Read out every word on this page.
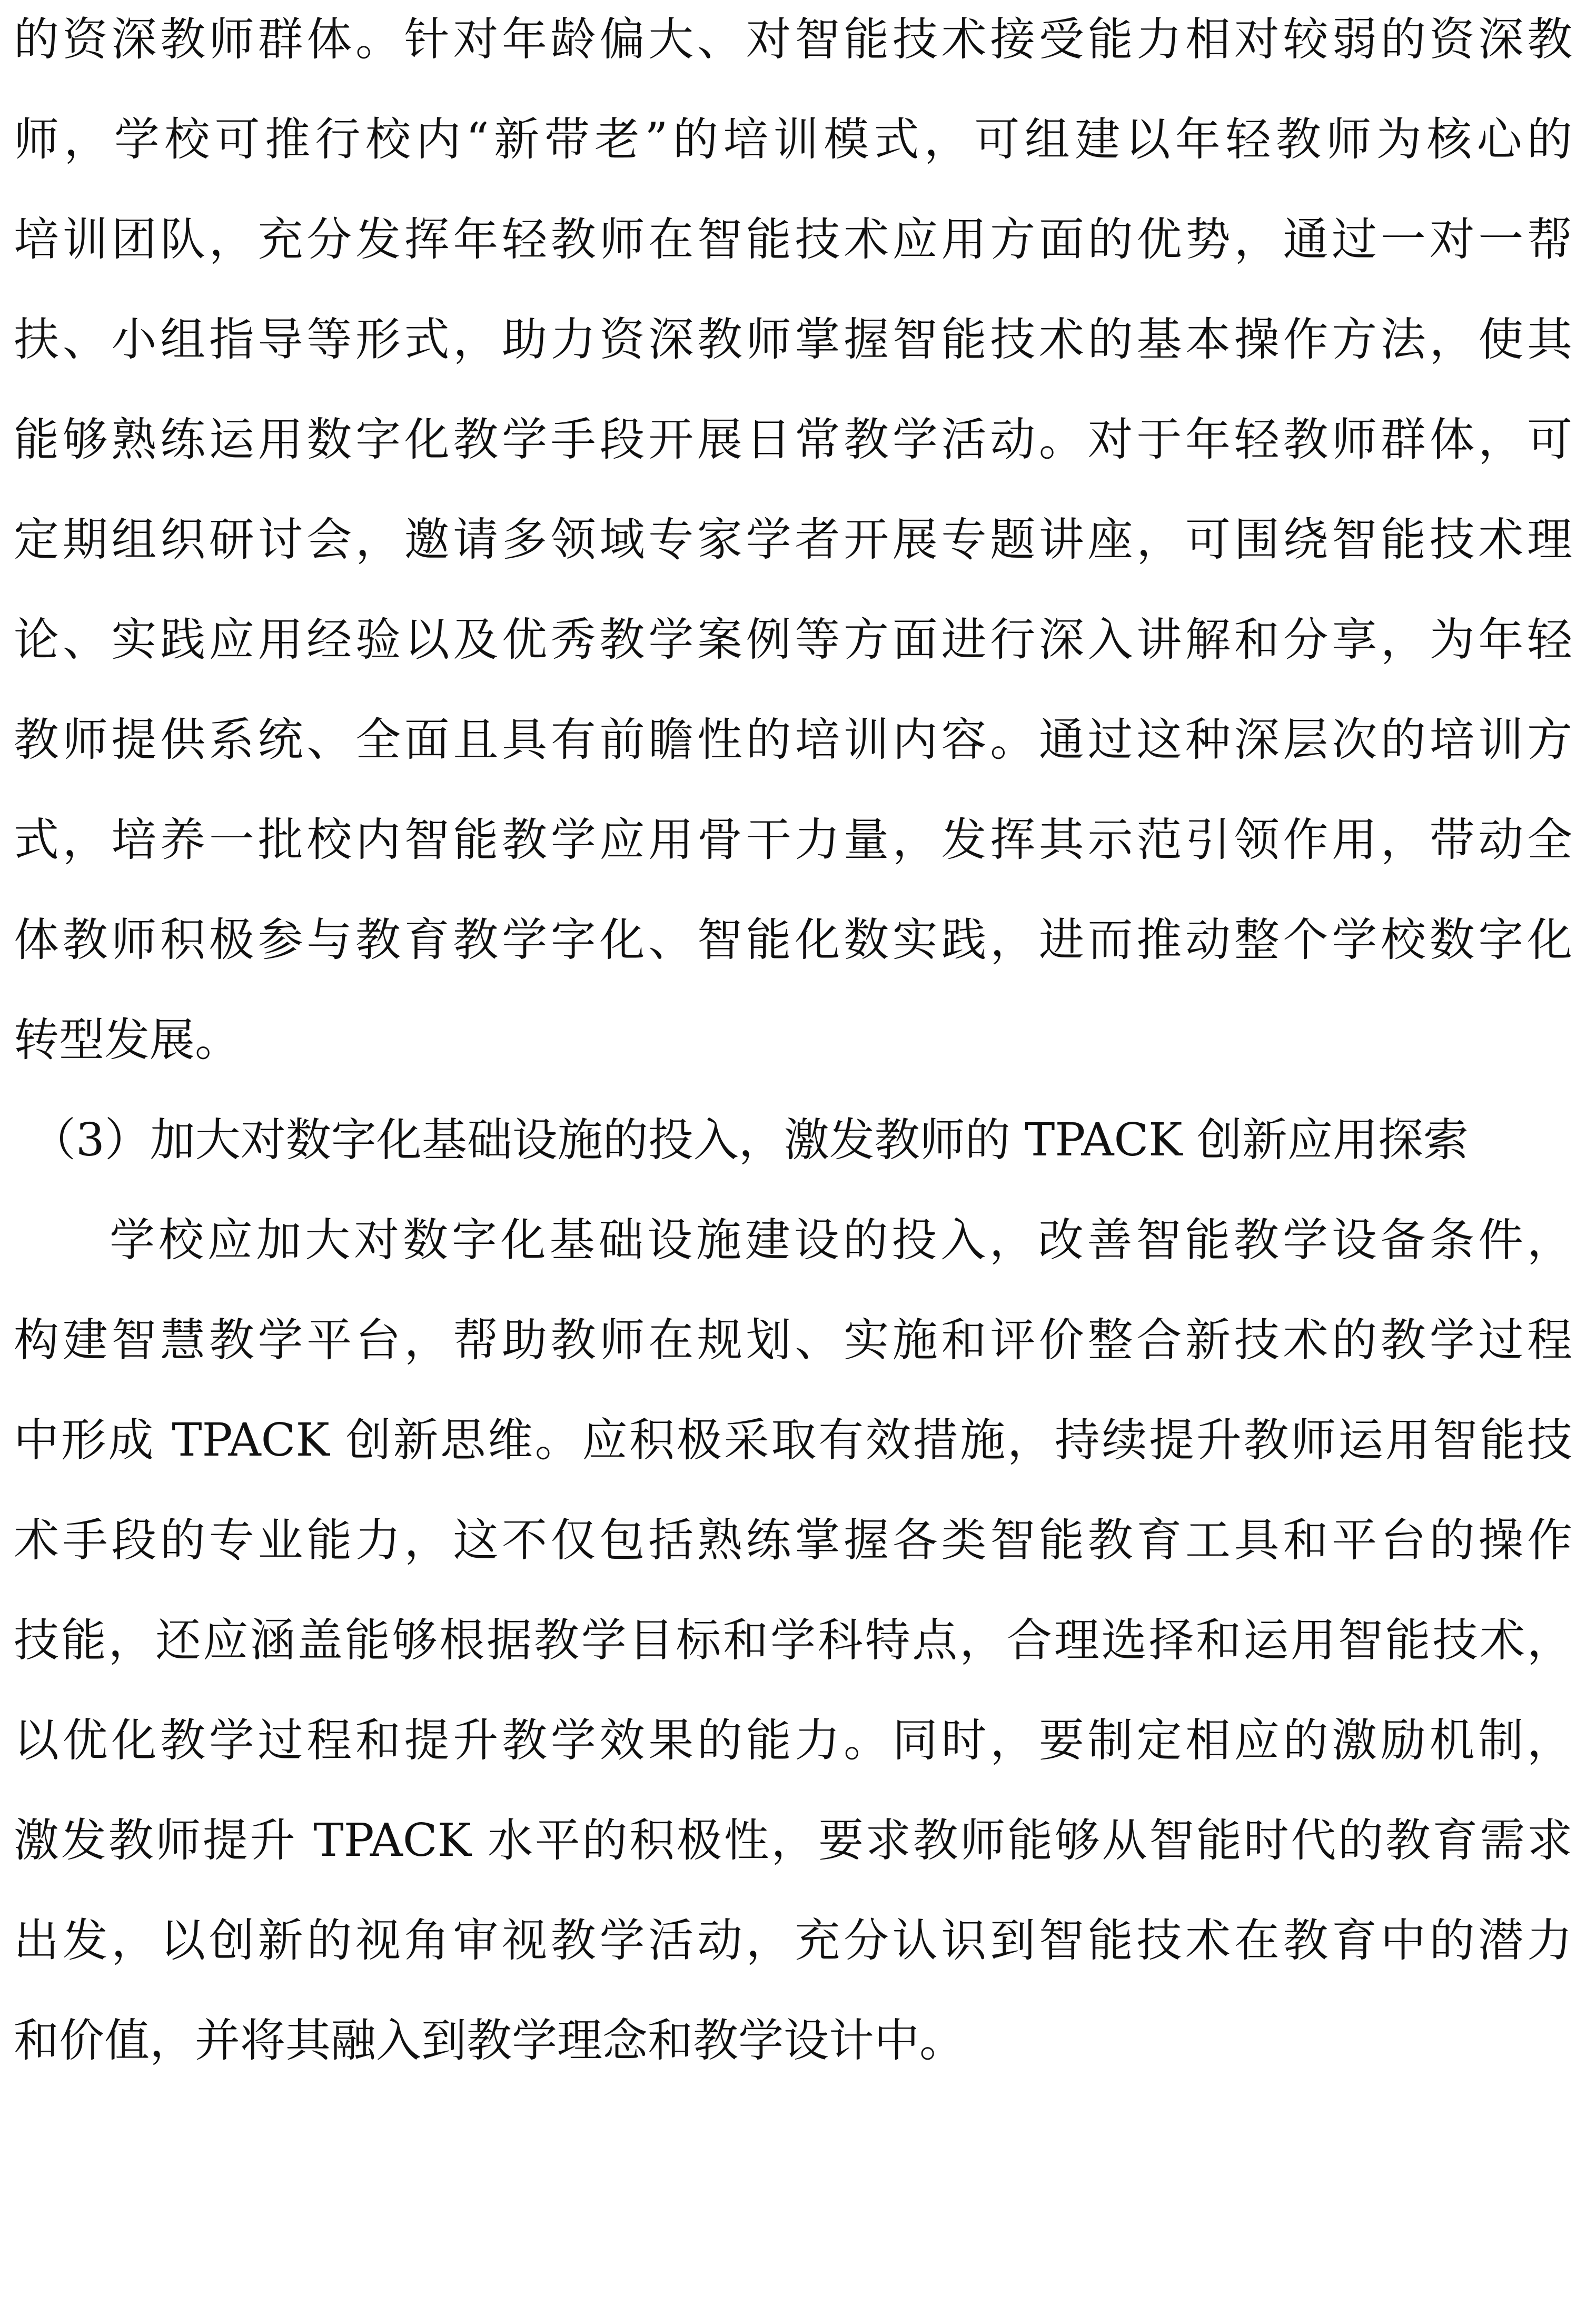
的资深教师群体。针对年龄偏大、对智能技术接受能力相对较弱的资深教
师，学校可推行校内“新带老”的培训模式，可组建以年轻教师为核心的
培训团队，充分发挥年轻教师在智能技术应用方面的优势，通过一对一帮
扶、小组指导等形式，助力资深教师掌握智能技术的基本操作方法，使其
能够熟练运用数字化教学手段开展日常教学活动。对于年轻教师群体，可
定期组织研讨会，邀请多领域专家学者开展专题讲座，可围绕智能技术理
论、实践应用经验以及优秀教学案例等方面进行深入讲解和分享，为年轻
教师提供系统、全面且具有前瞻性的培训内容。通过这种深层次的培训方
式，培养一批校内智能教学应用骨干力量，发挥其示范引领作用，带动全
体教师积极参与教育教学字化、智能化数实践，进而推动整个学校数字化
转型发展。
（3）加大对数字化基础设施的投入，激发教师的 TPACK 创新应用探索
学校应加大对数字化基础设施建设的投入，改善智能教学设备条件，
构建智慧教学平台，帮助教师在规划、实施和评价整合新技术的教学过程
中形成 TPACK 创新思维。应积极采取有效措施，持续提升教师运用智能技
术手段的专业能力，这不仅包括熟练掌握各类智能教育工具和平台的操作
技能，还应涵盖能够根据教学目标和学科特点，合理选择和运用智能技术，
以优化教学过程和提升教学效果的能力。同时，要制定相应的激励机制，
激发教师提升 TPACK 水平的积极性，要求教师能够从智能时代的教育需求
出发，以创新的视角审视教学活动，充分认识到智能技术在教育中的潜力
和价值，并将其融入到教学理念和教学设计中。
